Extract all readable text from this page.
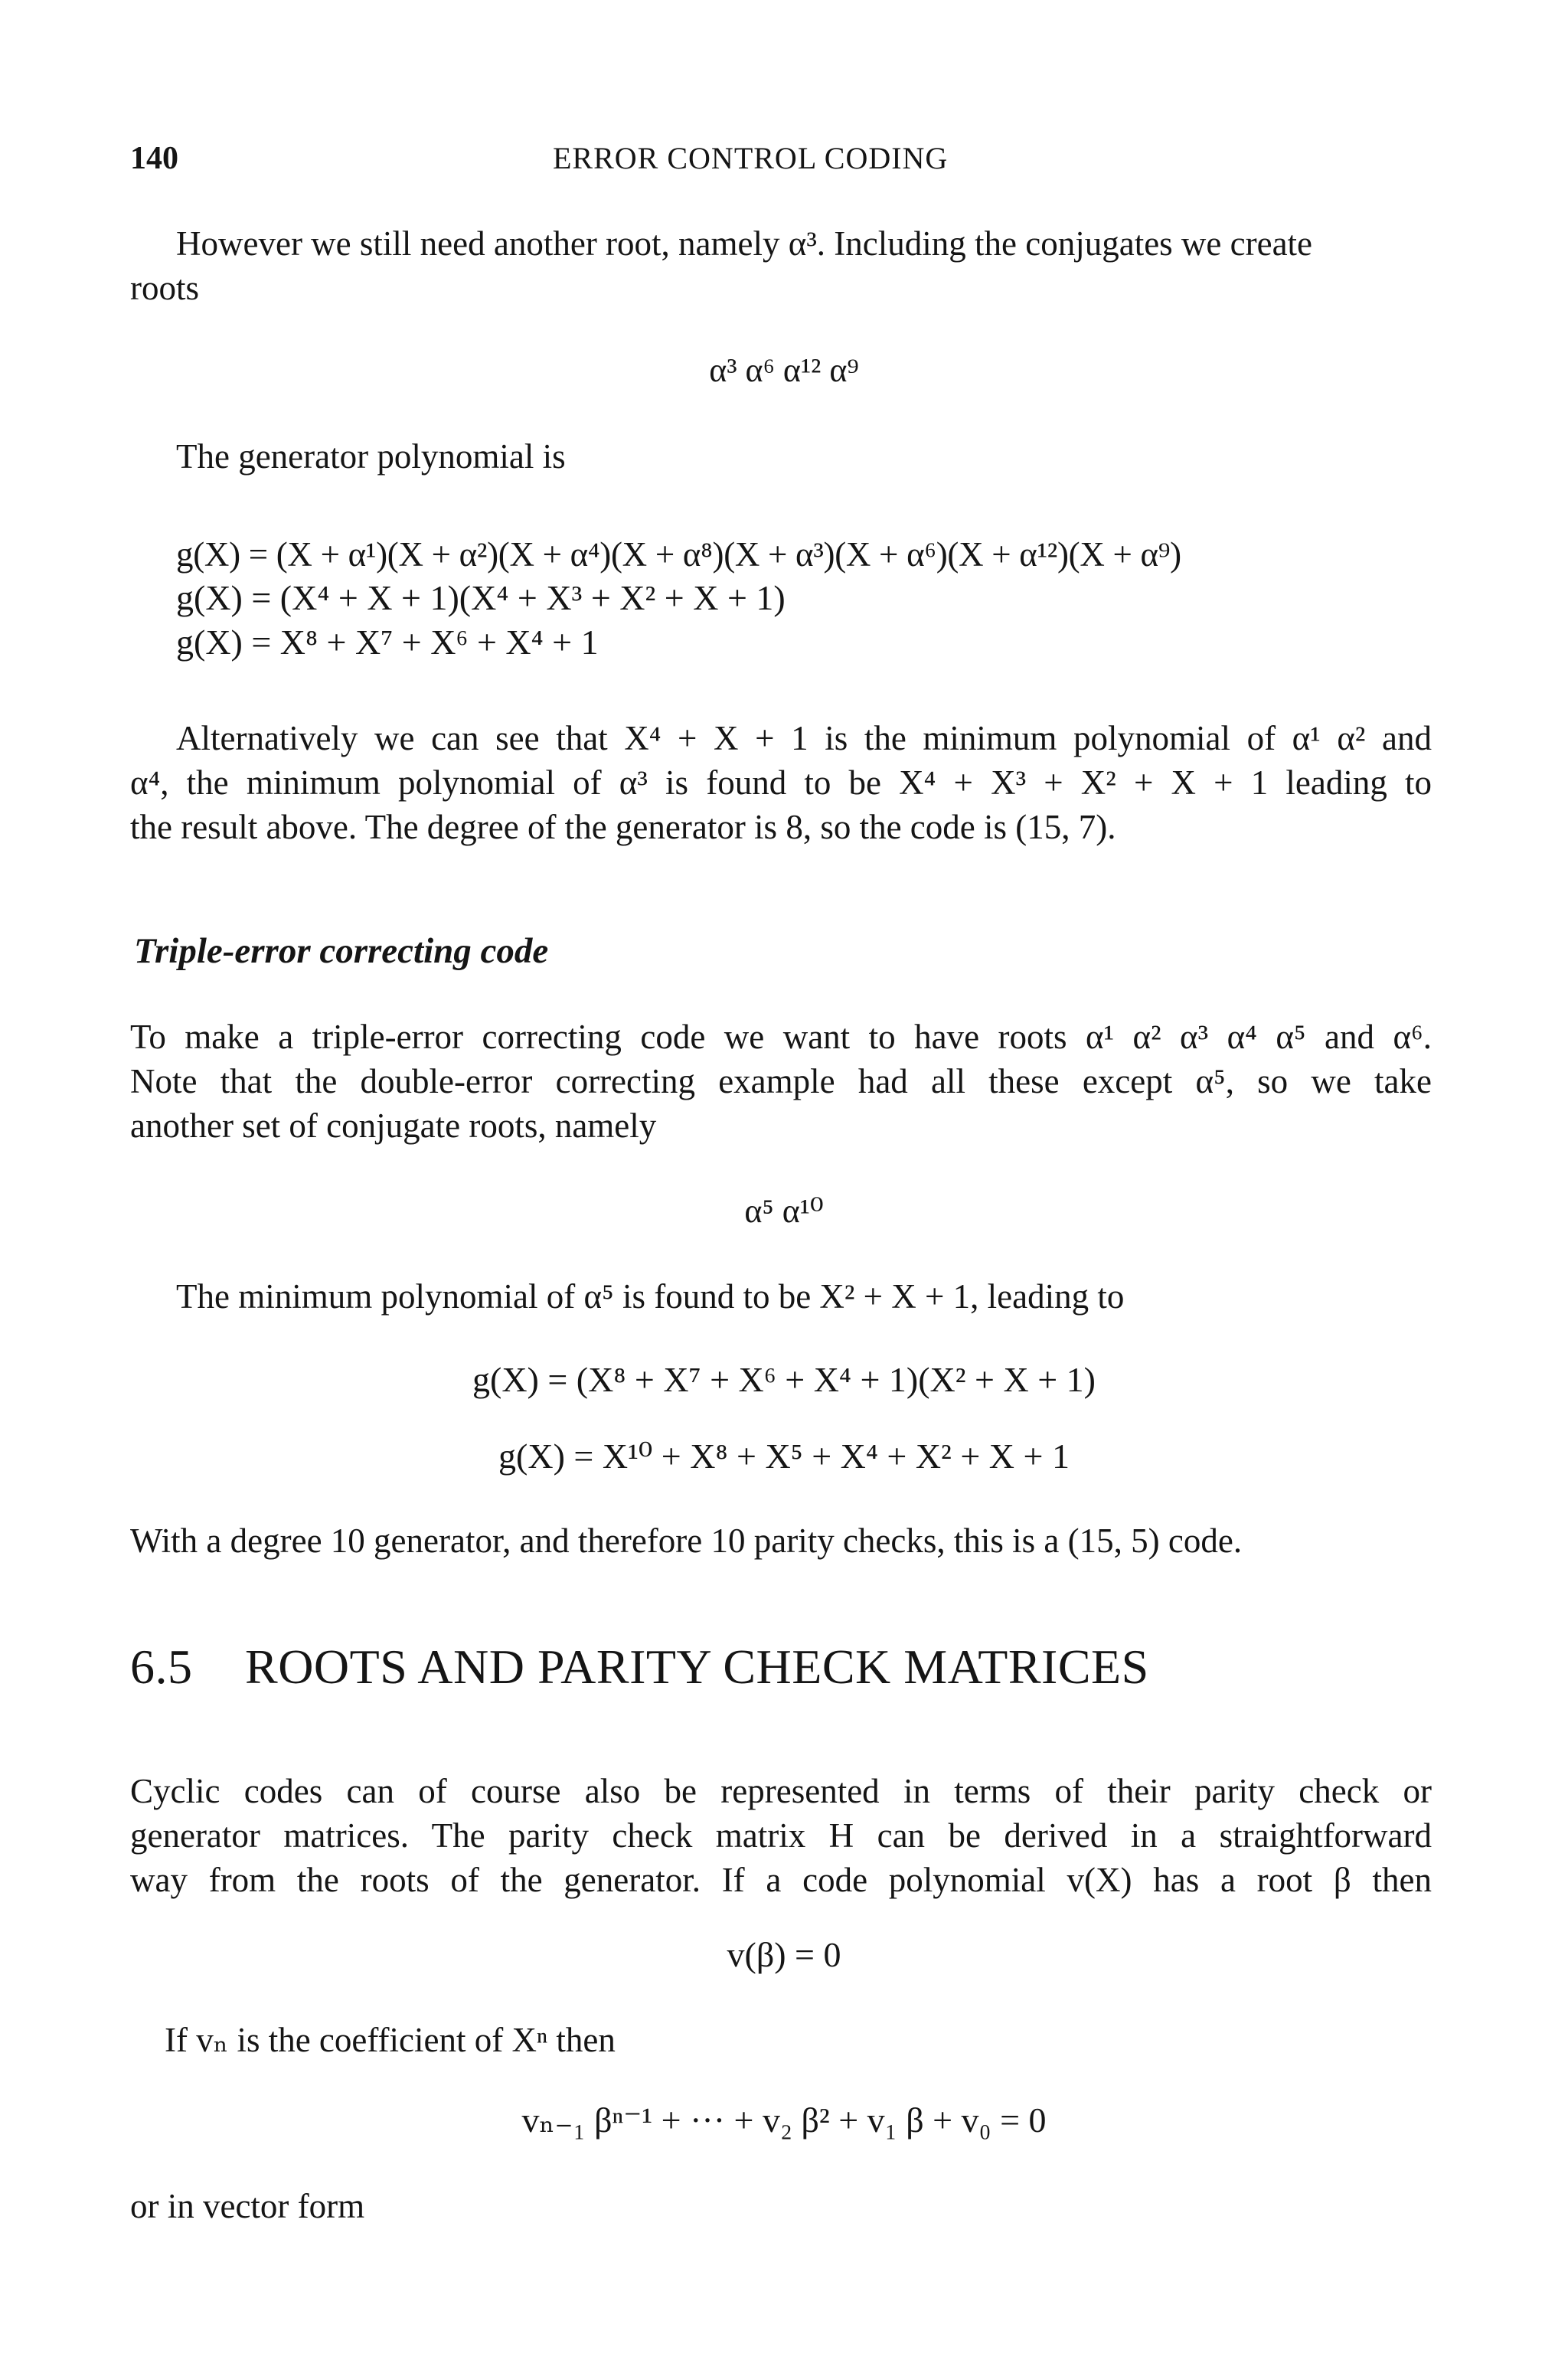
140	ERROR CONTROL CODING
However we still need another root, namely α³. Including the conjugates we create
roots
α³ α⁶ α¹² α⁹
The generator polynomial is
g(X) = (X + α¹)(X + α²)(X + α⁴)(X + α⁸)(X + α³)(X + α⁶)(X + α¹²)(X + α⁹)
g(X) = (X⁴ + X + 1)(X⁴ + X³ + X² + X + 1)
g(X) = X⁸ + X⁷ + X⁶ + X⁴ + 1
Alternatively we can see that X⁴ + X + 1 is the minimum polynomial of α¹ α² and
α⁴, the minimum polynomial of α³ is found to be X⁴ + X³ + X² + X + 1 leading to
the result above. The degree of the generator is 8, so the code is (15, 7).
Triple-error correcting code
To make a triple-error correcting code we want to have roots α¹ α² α³ α⁴ α⁵ and α⁶.
Note that the double-error correcting example had all these except α⁵, so we take
another set of conjugate roots, namely
α⁵ α¹⁰
The minimum polynomial of α⁵ is found to be X² + X + 1, leading to
g(X) = (X⁸ + X⁷ + X⁶ + X⁴ + 1)(X² + X + 1)
g(X) = X¹⁰ + X⁸ + X⁵ + X⁴ + X² + X + 1
With a degree 10 generator, and therefore 10 parity checks, this is a (15, 5) code.
6.5 ROOTS AND PARITY CHECK MATRICES
Cyclic codes can of course also be represented in terms of their parity check or
generator matrices. The parity check matrix H can be derived in a straightforward
way from the roots of the generator. If a code polynomial v(X) has a root β then
v(β) = 0
If vₙ is the coefficient of Xⁿ then
vₙ₋₁ βⁿ⁻¹ + ··· + v₂ β² + v₁ β + v₀ = 0
or in vector form
